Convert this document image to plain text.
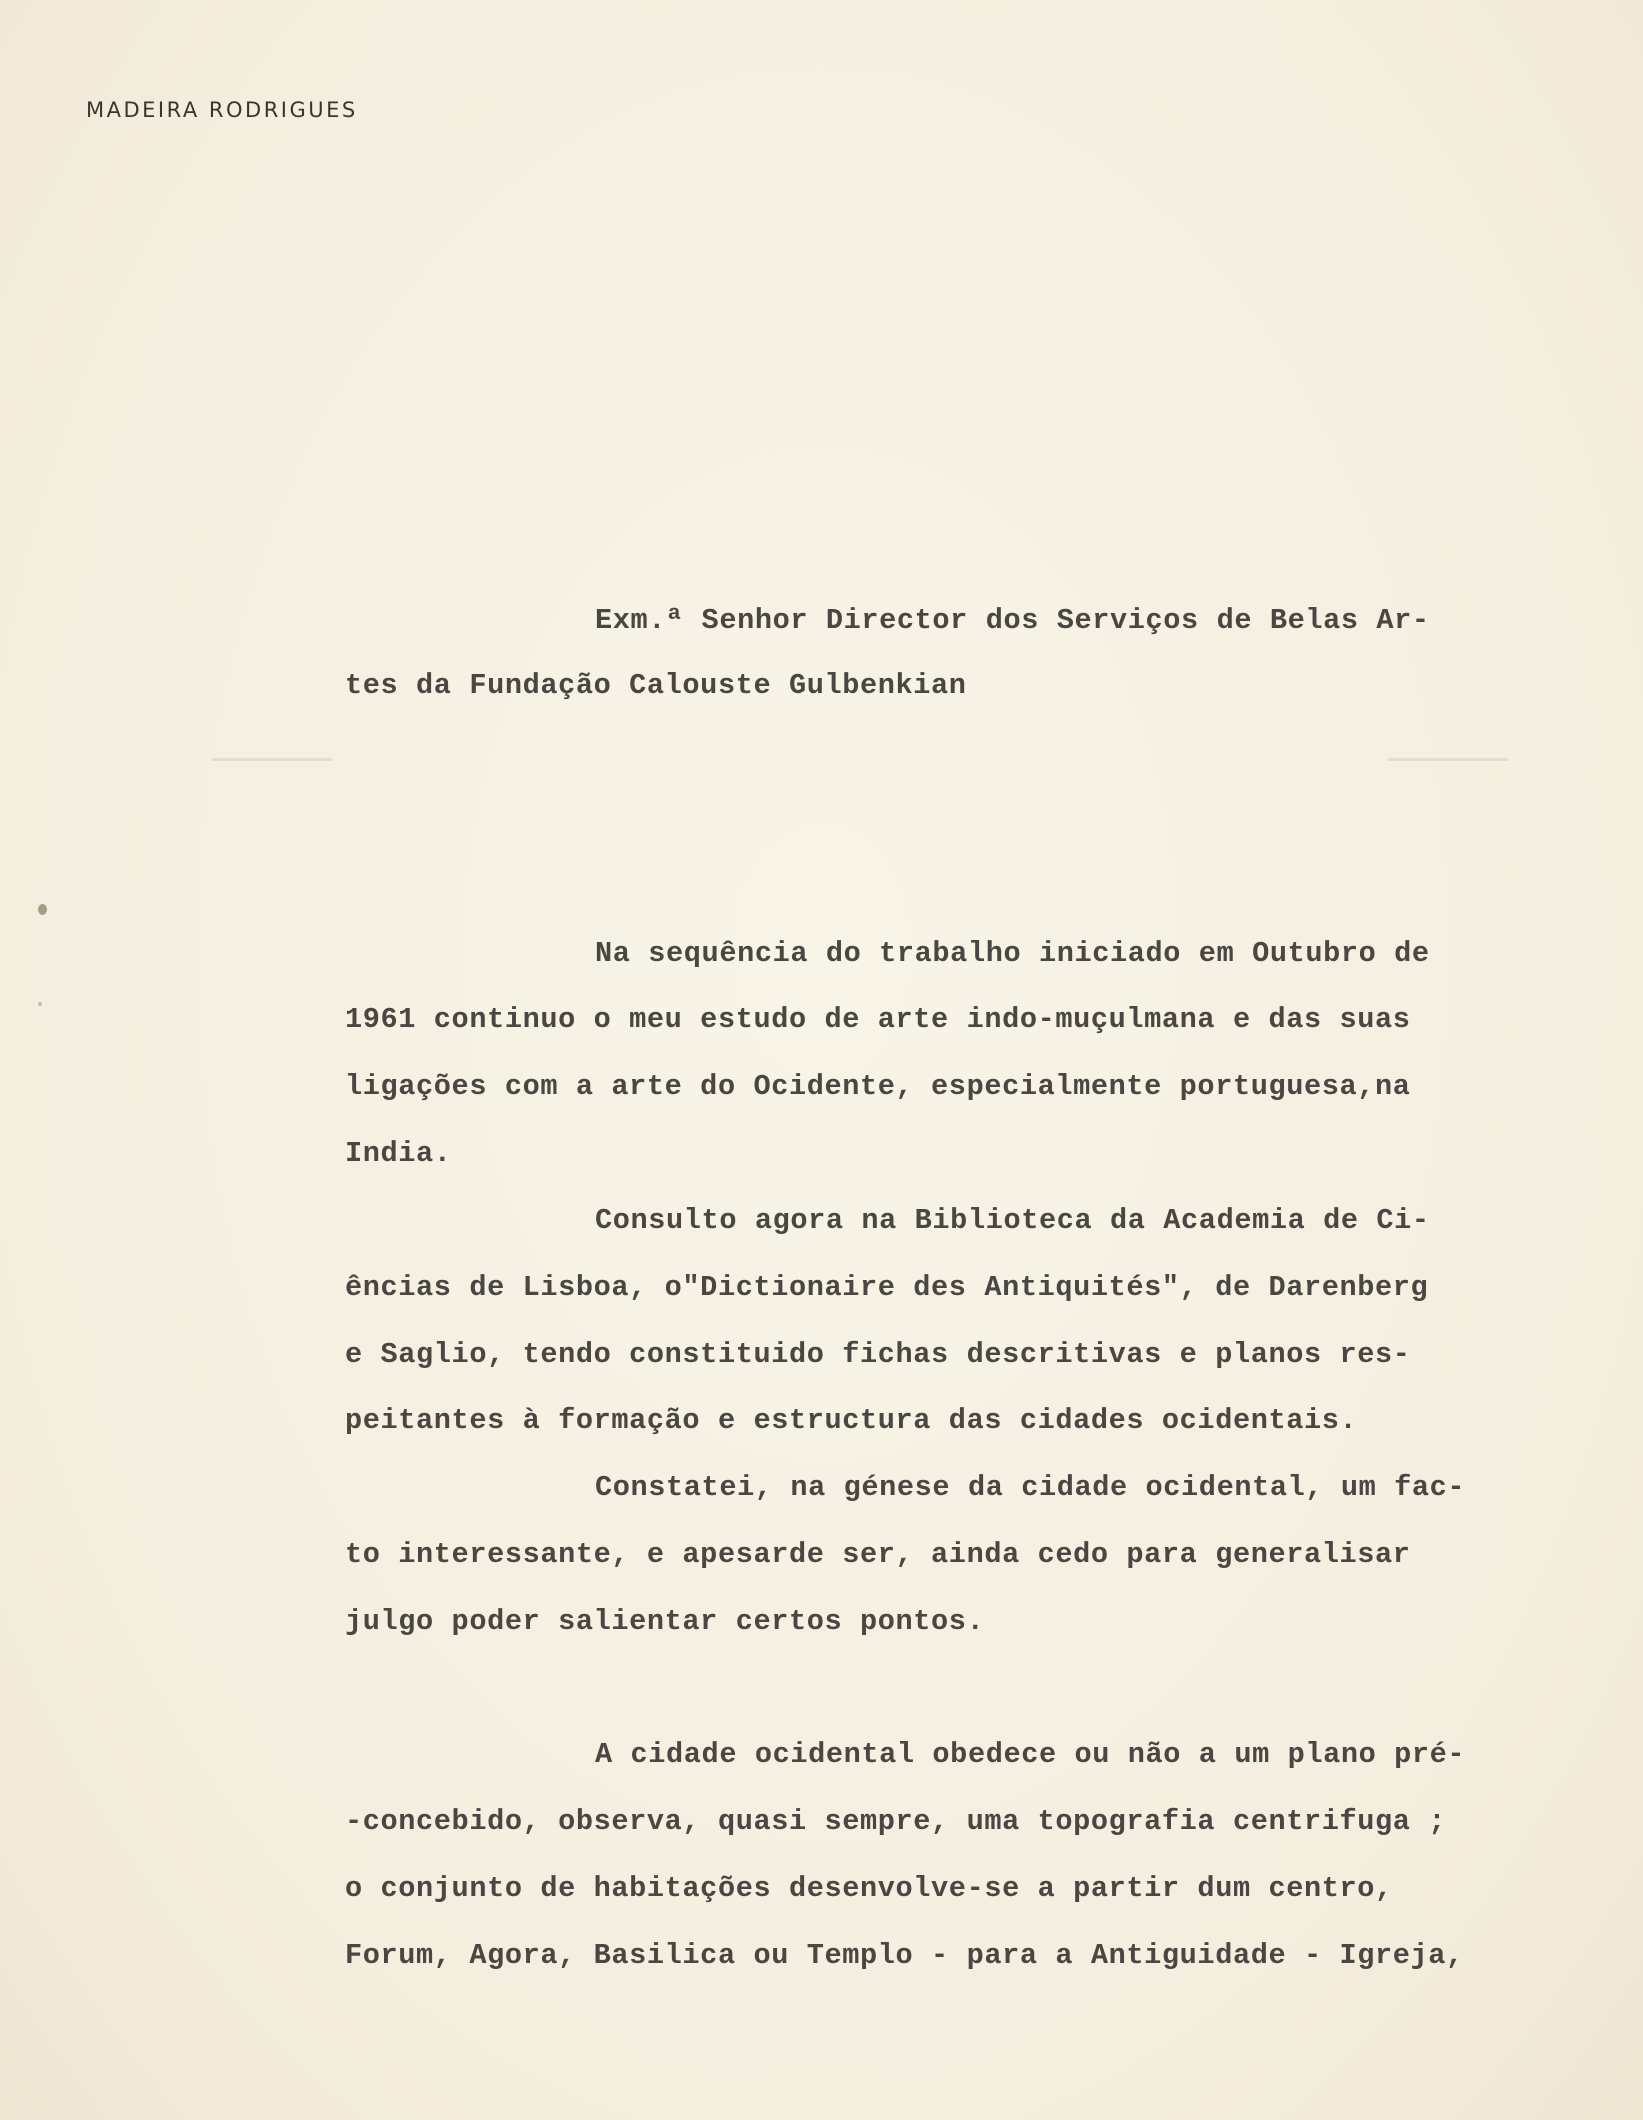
MADEIRA RODRIGUES

Exm.ª Senhor Director dos Serviços de Belas Ar-

tes da Fundação Calouste Gulbenkian

Na sequência do trabalho iniciado em Outubro de

1961 continuo o meu estudo de arte indo-muçulmana e das suas

ligações com a arte do Ocidente, especialmente portuguesa,na

India.

Consulto agora na Biblioteca da Academia de Ci-

ências de Lisboa, o"Dictionaire des Antiquités", de Darenberg

e Saglio, tendo constituido fichas descritivas e planos res-

peitantes à formação e estructura das cidades ocidentais.

Constatei, na génese da cidade ocidental, um fac-

to interessante, e apesarde ser, ainda cedo para generalisar

julgo poder salientar certos pontos.

A cidade ocidental obedece ou não a um plano pré-

-concebido, observa, quasi sempre, uma topografia centrifuga ;

o conjunto de habitações desenvolve-se a partir dum centro,

Forum, Agora, Basilica ou Templo - para a Antiguidade - Igreja,
